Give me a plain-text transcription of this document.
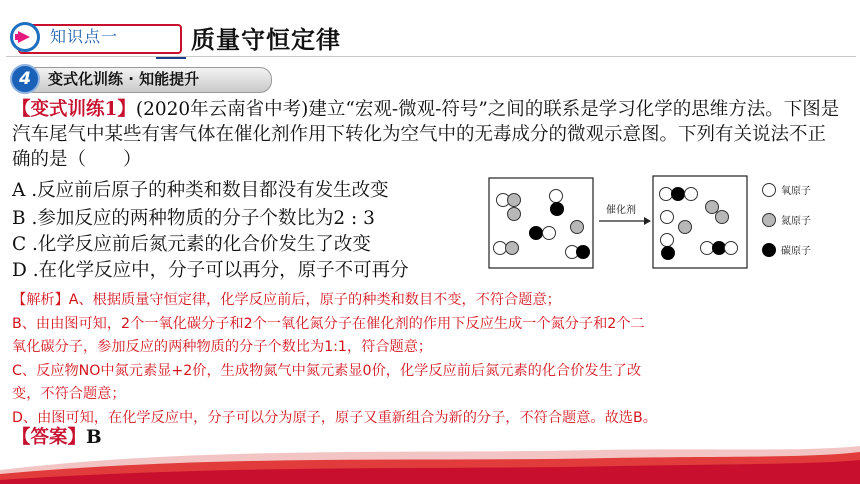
知识点一	质量守恒定律
4	变式化训练 · 知能提升
【变式训练1】(2020年云南省中考)建立“宏观-微观-符号”之间的联系是学习化学的思维方法。下图是汽车尾气中某些有害气体在催化剂作用下转化为空气中的无毒成分的微观示意图。下列有关说法不正确的是（　　）
A .反应前后原子的种类和数目都没有发生改变
B .参加反应的两种物质的分子个数比为2 : 3
C .化学反应前后氮元素的化合价发生了改变
D .在化学反应中，分子可以再分，原子不可再分
催化剂
氧原子
氮原子
碳原子
【解析】A、根据质量守恒定律，化学反应前后，原子的种类和数目不变，不符合题意；
B、由由图可知，2个一氧化碳分子和2个一氧化氮分子在催化剂的作用下反应生成一个氮分子和2个二
氧化碳分子，参加反应的两种物质的分子个数比为1:1，符合题意；
C、反应物NO中氮元素显+2价，生成物氮气中氮元素显0价，化学反应前后氮元素的化合价发生了改
变，不符合题意；
D、由图可知，在化学反应中，分子可以分为原子，原子又重新组合为新的分子，不符合题意。故选B。
【答案】B
